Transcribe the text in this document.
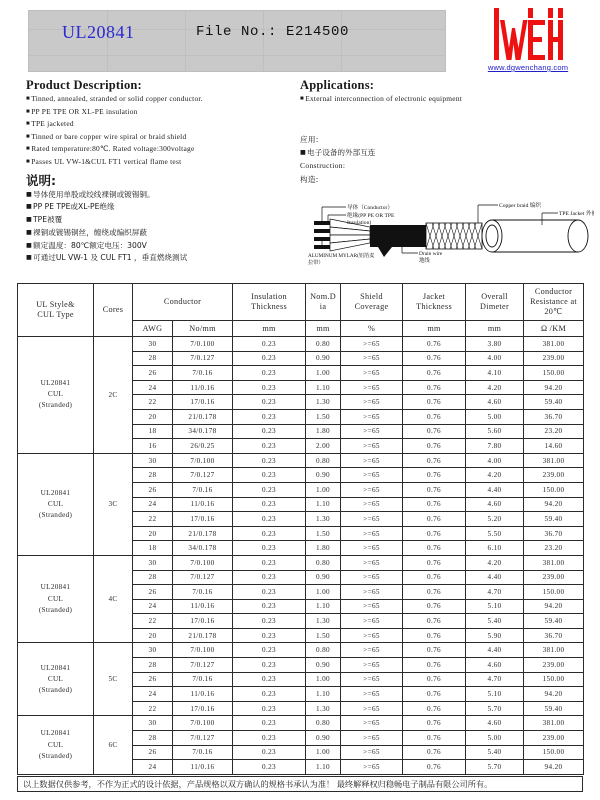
UL20841	File No.: E214500
www.dgwenchang.com
Product Description:
■ Tinned, annealed, stranded or solid copper conductor.
■ PP PE TPE OR XL-PE insulation
■ TPE jacketed
■ Tinned or bare copper wire spiral or braid shield
■ Rated temperature:80℃. Rated voltage:300voltage
■ Passes UL VW-1&CUL FT1 vertical flame test
说明:
■ 导体使用单股或绞线裸铜或镀锡铜。
■ PP PE TPE或XL-PE绝缘
■ TPE被覆
■ 裸铜或镀锡铜丝，缠绕或编织屏蔽
■ 额定温度：80℃额定电压：300V
■ 可通过UL VW-1 及 CUL FT1 ，垂直燃烧测试
Applications:
■ External interconnection of electronic equipment
应用:
■ 电子设备的外部互连
Construction:
构造:
导体（Conductor）
绝缘(PP PE OR TPE
Insulation)
ALUMINUM MYLAR(铝箔麦
拉带）
Drain wire
地线
Copper braid 编织
TPE Jacket 外被
UL Style&
CUL Type
	Cores	Conductor	
Insulation
Thickness

Nom.D
ia

Shield
Coverage

Jacket
Thickness

Overall
Dimeter

Conductor
Resistance at
20℃

		AWG	No/mm	mm	mm	%	mm	mm	Ω /KM

UL20841
CUL
(Stranded)	2C	30	7/0.100	0.23	0.80	>=65	0.76	3.80	381.00
		28	7/0.127	0.23	0.90	>=65	0.76	4.00	239.00
		26	7/0.16	0.23	1.00	>=65	0.76	4.10	150.00
		24	11/0.16	0.23	1.10	>=65	0.76	4.20	94.20
		22	17/0.16	0.23	1.30	>=65	0.76	4.60	59.40
		20	21/0.178	0.23	1.50	>=65	0.76	5.00	36.70
		18	34/0.178	0.23	1.80	>=65	0.76	5.60	23.20
		16	26/0.25	0.23	2.00	>=65	0.76	7.80	14.60

UL20841
CUL
(Stranded)	3C	30	7/0.100	0.23	0.80	>=65	0.76	4.00	381.00
		28	7/0.127	0.23	0.90	>=65	0.76	4.20	239.00
		26	7/0.16	0.23	1.00	>=65	0.76	4.40	150.00
		24	11/0.16	0.23	1.10	>=65	0.76	4.60	94.20
		22	17/0.16	0.23	1.30	>=65	0.76	5.20	59.40
		20	21/0.178	0.23	1.50	>=65	0.76	5.50	36.70
		18	34/0.178	0.23	1.80	>=65	0.76	6.10	23.20

UL20841
CUL
(Stranded)	4C	30	7/0.100	0.23	0.80	>=65	0.76	4.20	381.00
		28	7/0.127	0.23	0.90	>=65	0.76	4.40	239.00
		26	7/0.16	0.23	1.00	>=65	0.76	4.70	150.00
		24	11/0.16	0.23	1.10	>=65	0.76	5.10	94.20
		22	17/0.16	0.23	1.30	>=65	0.76	5.40	59.40
		20	21/0.178	0.23	1.50	>=65	0.76	5.90	36.70

UL20841
CUL
(Stranded)	5C	30	7/0.100	0.23	0.80	>=65	0.76	4.40	381.00
		28	7/0.127	0.23	0.90	>=65	0.76	4.60	239.00
		26	7/0.16	0.23	1.00	>=65	0.76	4.70	150.00
		24	11/0.16	0.23	1.10	>=65	0.76	5.10	94.20
		22	17/0.16	0.23	1.30	>=65	0.76	5.70	59.40

UL20841
CUL
(Stranded)	6C	30	7/0.100	0.23	0.80	>=65	0.76	4.60	381.00
		28	7/0.127	0.23	0.90	>=65	0.76	5.00	239.00
		26	7/0.16	0.23	1.00	>=65	0.76	5.40	150.00
		24	11/0.16	0.23	1.10	>=65	0.76	5.70	94.20
以上数据仅供参考，不作为正式的设计依据，产品规格以双方确认的规格书承认为准！ 最终解释权归稳畅电子制品有限公司所有。
